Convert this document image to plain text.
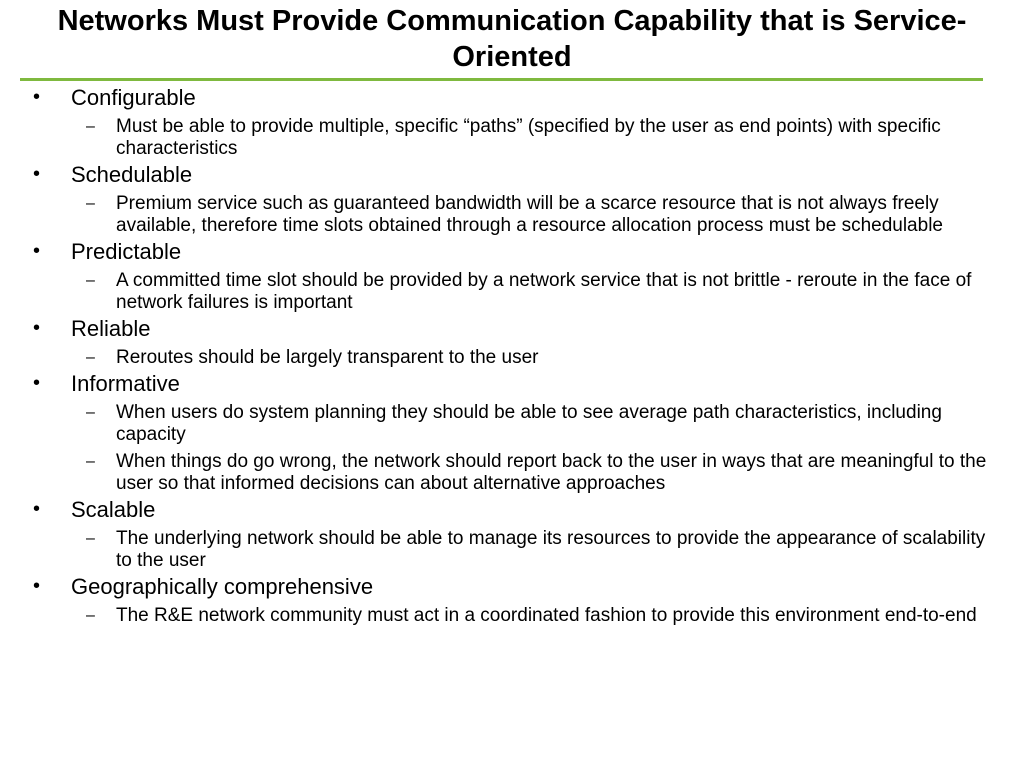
Networks Must Provide Communication Capability that is Service-Oriented
• Configurable
– Must be able to provide multiple, specific “paths” (specified by the user as end points) with specific characteristics
• Schedulable
– Premium service such as guaranteed bandwidth will be a scarce resource that is not always freely available, therefore time slots obtained through a resource allocation process must be schedulable
• Predictable
– A committed time slot should be provided by a network service that is not brittle - reroute in the face of network failures is important
• Reliable
– Reroutes should be largely transparent to the user
• Informative
– When users do system planning they should be able to see average path characteristics, including capacity
– When things do go wrong, the network should report back to the user in ways that are meaningful to the user so that informed decisions can about alternative approaches
• Scalable
– The underlying network should be able to manage its resources to provide the appearance of scalability to the user
• Geographically comprehensive
– The R&E network community must act in a coordinated fashion to provide this environment end-to-end
